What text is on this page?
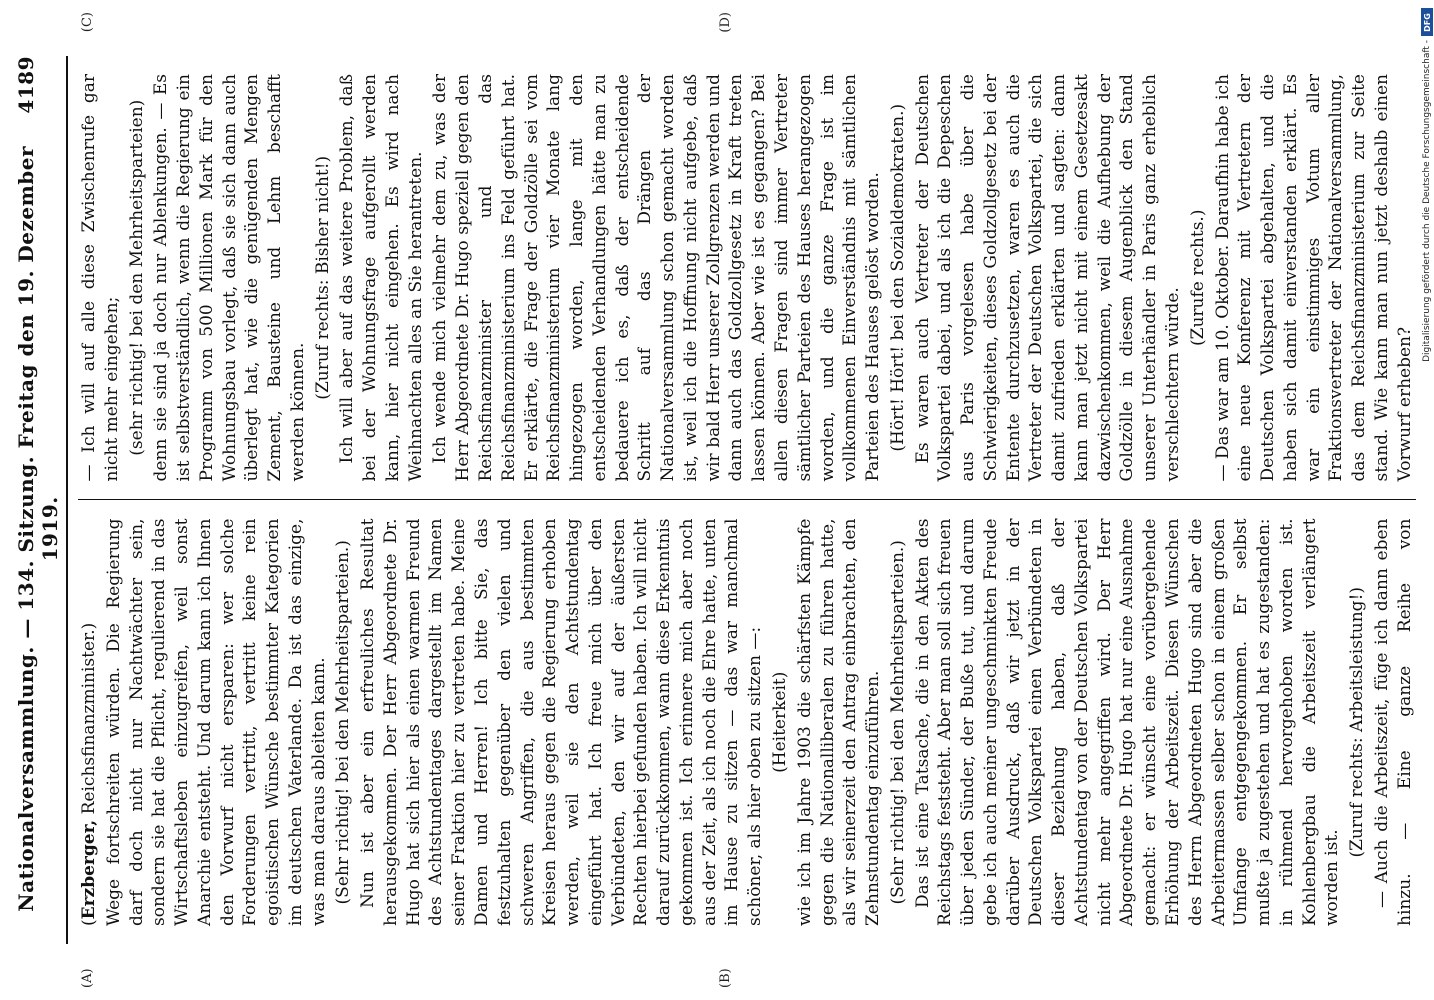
Nationalversammlung. — 134. Sitzung. Freitag den 19. Dezember 1919.
4189
(A)	(B)

(Erzberger, Reichsfinanzminister.) Wege fortschreiten würden. Die Regierung darf doch nicht nur Nachtwächter sein, sondern sie hat die Pflicht, regulierend in das Wirtschaftsleben einzugreifen, weil sonst Anarchie entsteht. Und darum kann ich Ihnen den Vorwurf nicht ersparen: wer solche Forderungen vertritt, vertritt keine rein egoistischen Wünsche bestimmter Kategorien im deutschen Vaterlande. Da ist das einzige, was man daraus ableiten kann. (Sehr richtig! bei den Mehrheitsparteien.) Nun ist aber ein erfreuliches Resultat herausgekommen. Der Herr Abgeordnete Dr. Hugo hat sich hier als einen warmen Freund des Achtstundentages dargestellt im Namen seiner Fraktion hier zu vertreten habe. Meine Damen und Herren! Ich bitte Sie, das festzuhalten gegenüber den vielen und schweren Angriffen, die aus bestimmten Kreisen heraus gegen die Regierung erhoben werden, weil sie den Achtstundentag eingeführt hat. Ich freue mich über den Verbündeten, den wir auf der äußersten Rechten hierbei gefunden haben. Ich will nicht darauf zurückkommen, wann diese Erkenntnis gekommen ist. Ich erinnere mich aber noch aus der Zeit, als ich noch die Ehre hatte, unten im Hause zu sitzen — das war manchmal schöner, als hier oben zu sitzen —: (Heiterkeit) wie ich im Jahre 1903 die schärfsten Kämpfe gegen die Nationalliberalen zu führen hatte, als wir seinerzeit den Antrag einbrachten, den Zehnstundentag einzuführen. (Sehr richtig! bei den Mehrheitsparteien.) Das ist eine Tatsache, die in den Akten des Reichstags feststeht. Aber man soll sich freuen über jeden Sünder, der Buße tut, und darum gebe ich auch meiner ungeschminkten Freude darüber Ausdruck, daß wir jetzt in der Deutschen Volkspartei einen Verbündeten in dieser Beziehung haben, daß der Achtstundentag von der Deutschen Volkspartei nicht mehr angegriffen wird. Der Herr Abgeordnete Dr. Hugo hat nur eine Ausnahme gemacht: er wünscht eine vorübergehende Erhöhung der Arbeitszeit. Diesen Wünschen des Herrn Abgeordneten Hugo sind aber die Arbeitermassen selber schon in einem großen Umfange entgegengekommen. Er selbst mußte ja zugestehen und hat es zugestanden: in rühmend hervorgehoben worden ist. Kohlenbergbau die Arbeitszeit verlängert worden ist.

(Zuruf rechts: Arbeitsleistung!)

— Auch die Arbeitszeit, füge ich dann eben hinzu. — Eine ganze Reihe von

(C)	(D)

— Ich will auf alle diese Zwischenrufe gar nicht mehr eingehen; (sehr richtig! bei den Mehrheitsparteien) denn sie sind ja doch nur Ablenkungen. — Es ist selbstverständlich, wenn die Regierung ein Programm von 500 Millionen Mark für den Wohnungsbau vorlegt, daß sie sich dann auch überlegt hat, wie die genügenden Mengen Zement, Bausteine und Lehm beschafft werden können.

(Zuruf rechts: Bisher nicht!) Ich will aber auf das weitere Problem, daß bei der Wohnungsfrage aufgerollt werden kann, hier nicht eingehen. Es wird nach Weihnachten alles an Sie herantreten. Ich wende mich vielmehr dem zu, was der Herr Abgeordnete Dr. Hugo speziell gegen den Reichsfinanzminister und das Reichsfinanzministerium ins Feld geführt hat. Er erklärte, die Frage der Goldzölle sei vom Reichsfinanzministerium vier Monate lang hingezogen worden, lange mit den entscheidenden Verhandlungen hätte man zu bedauere ich es, daß der entscheidende Schritt auf das Drängen der Nationalversammlung schon gemacht worden ist, weil ich die Hoffnung nicht aufgebe, daß wir bald Herr unserer Zollgrenzen werden und dann auch das Goldzollgesetz in Kraft treten lassen können. Aber wie ist es gegangen? Bei allen diesen Fragen sind immer Vertreter sämtlicher Parteien des Hauses herangezogen worden, und die ganze Frage ist im vollkommenen Einverständnis mit sämtlichen Parteien des Hauses gelöst worden. (Hört! Hört! bei den Sozialdemokraten.) Es waren auch Vertreter der Deutschen Volkspartei dabei, und als ich die Depeschen aus Paris vorgelesen habe über die Schwierigkeiten, dieses Goldzollgesetz bei der Entente durchzusetzen, waren es auch die Vertreter der Deutschen Volkspartei, die sich damit zufrieden erklärten und sagten: dann kann man jetzt nicht mit einem Gesetzesakt dazwischenkommen, weil die Aufhebung der Goldzölle in diesem Augenblick den Stand unserer Unterhändler in Paris ganz erheblich verschlechtern würde.

(Zurufe rechts.) — Das war am 10. Oktober. Daraufhin habe ich eine neue Konferenz mit Vertretern der Deutschen Volkspartei abgehalten, und die haben sich damit einverstanden erklärt. Es war ein einstimmiges Votum aller Fraktionsvertreter der Nationalversammlung, das dem Reichsfinanzministerium zur Seite stand. Wie kann man nun jetzt deshalb einen Vorwurf erheben?

DFG
Digitalisierung gefördert durch die Deutsche Forschungsgemeinschaft -
